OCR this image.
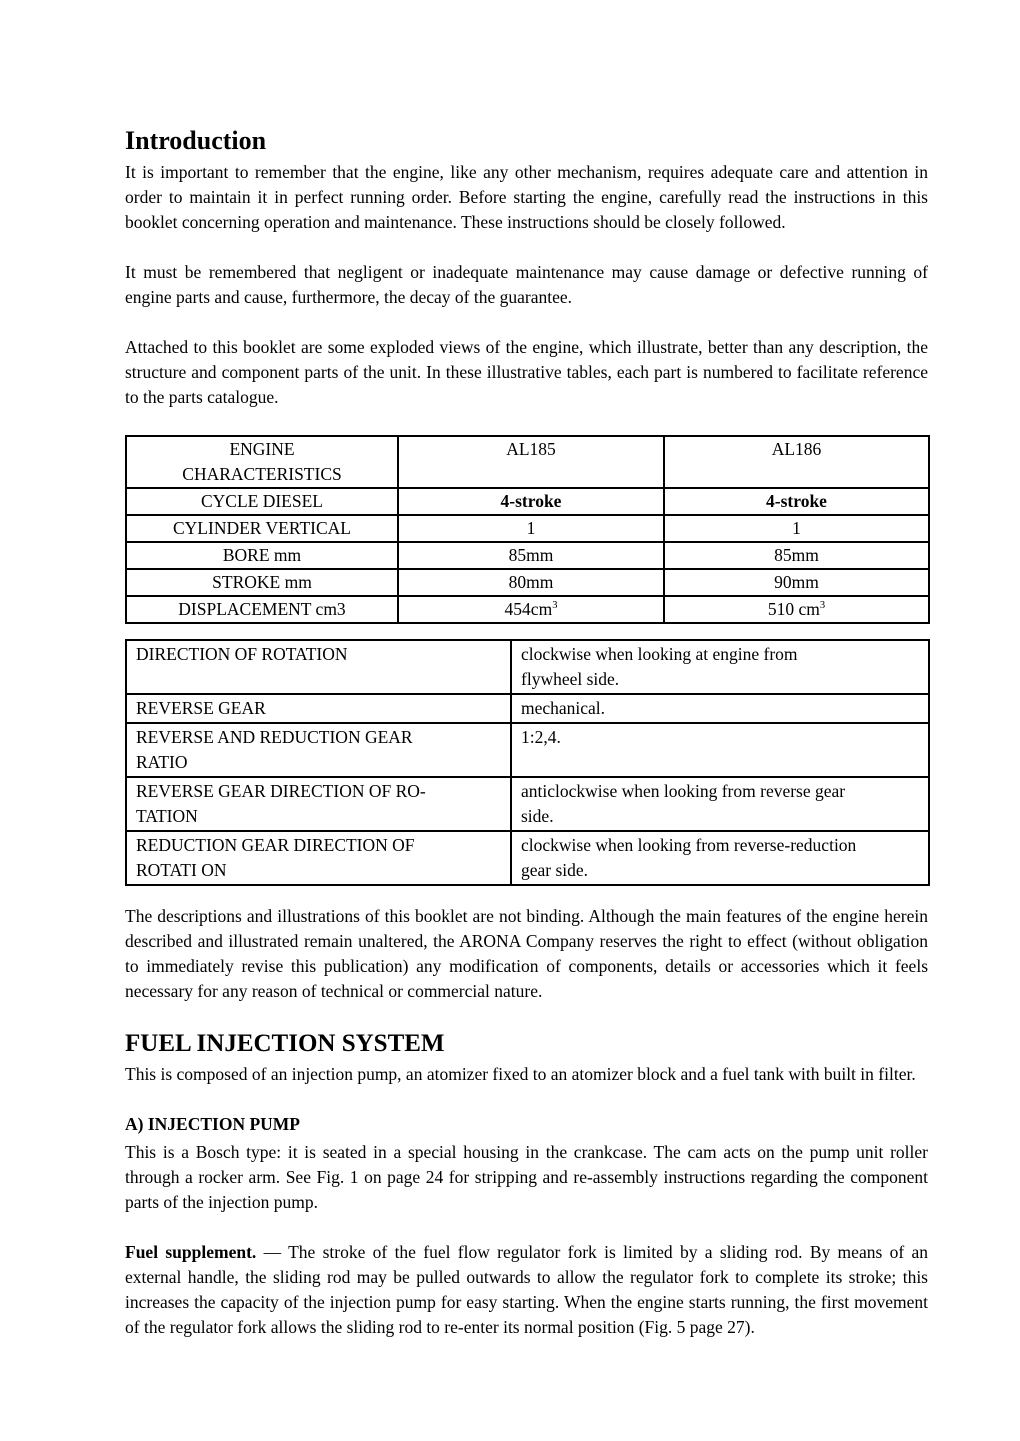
Introduction

It is important to remember that the engine, like any other mechanism, requires adequate care and attention in order to maintain it in perfect running order. Before starting the engine, carefully read the instructions in this booklet concerning operation and maintenance. These instructions should be closely followed.

It must be remembered that negligent or inadequate maintenance may cause damage or defective running of engine parts and cause, furthermore, the decay of the guarantee.

Attached to this booklet are some exploded views of the engine, which illustrate, better than any description, the structure and component parts of the unit. In these illustrative tables, each part is numbered to facilitate reference to the parts catalogue.

ENGINE
CHARACTERISTICS	AL185	AL186
CYCLE DIESEL	4-stroke	4-stroke
CYLINDER VERTICAL	1	1
BORE mm	85mm	85mm
STROKE mm	80mm	90mm
DISPLACEMENT cm3	$454cm^3$	510 $cm^3$
DIRECTION OF ROTATION	clockwise when looking at engine from
flywheel side.

REVERSE GEAR	mechanical.

REVERSE AND REDUCTION GEAR
RATIO	1:2,4.

REVERSE GEAR DIRECTION OF RO-
TATION	anticlockwise when looking from reverse gear
side.

REDUCTION GEAR DIRECTION OF
ROTATI ON	clockwise when looking from reverse-reduction
gear side.

The descriptions and illustrations of this booklet are not binding. Although the main features of the engine herein described and illustrated remain unaltered, the ARONA Company reserves the right to effect (without obligation to immediately revise this publication) any modification of components, details or accessories which it feels necessary for any reason of technical or commercial nature.

FUEL INJECTION SYSTEM

This is composed of an injection pump, an atomizer fixed to an atomizer block and a fuel tank with built in filter.

A) INJECTION PUMP

This is a Bosch type: it is seated in a special housing in the crankcase. The cam acts on the pump unit roller through a rocker arm. See Fig. 1 on page 24 for stripping and re-assembly instructions regarding the component parts of the injection pump.

Fuel supplement. — The stroke of the fuel flow regulator fork is limited by a sliding rod. By means of an external handle, the sliding rod may be pulled outwards to allow the regulator fork to complete its stroke; this increases the capacity of the injection pump for easy starting. When the engine starts running, the first movement of the regulator fork allows the sliding rod to re-enter its normal position (Fig. 5 page 27).
